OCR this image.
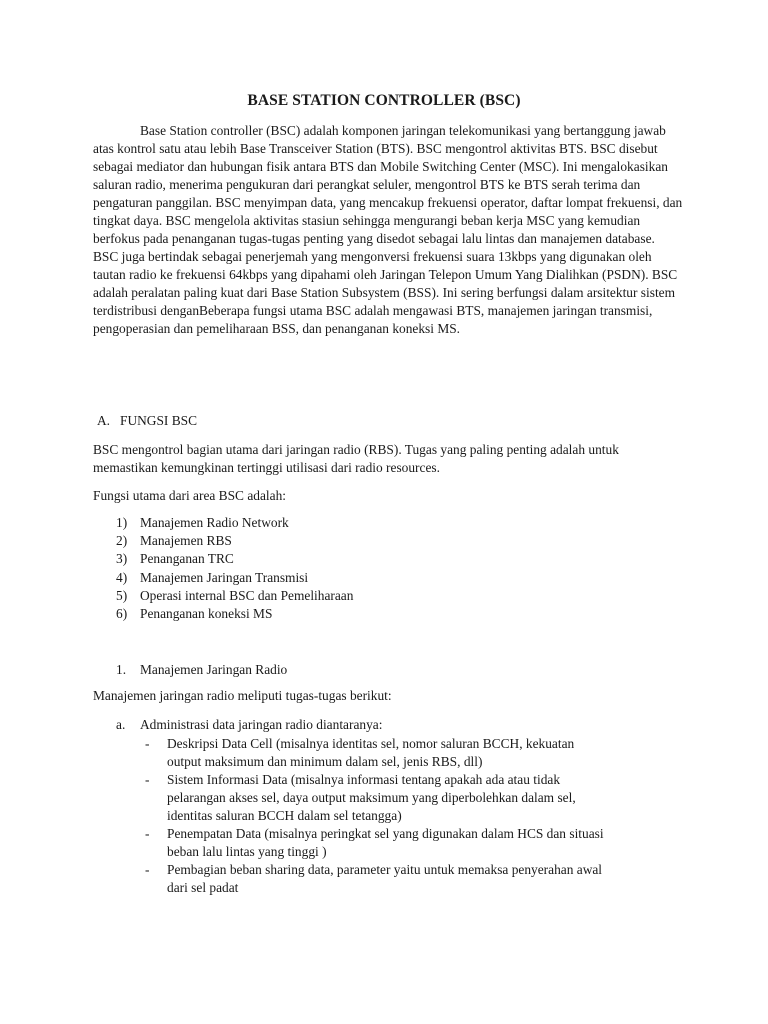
BASE STATION CONTROLLER (BSC)

Base Station controller (BSC) adalah komponen jaringan telekomunikasi yang bertanggung jawab atas kontrol satu atau lebih Base Transceiver Station (BTS). BSC mengontrol aktivitas BTS. BSC disebut sebagai mediator dan hubungan fisik antara BTS dan Mobile Switching Center (MSC). Ini mengalokasikan saluran radio, menerima pengukuran dari perangkat seluler, mengontrol BTS ke BTS serah terima dan pengaturan panggilan. BSC menyimpan data, yang mencakup frekuensi operator, daftar lompat frekuensi, dan tingkat daya. BSC mengelola aktivitas stasiun sehingga mengurangi beban kerja MSC yang kemudian berfokus pada penanganan tugas-tugas penting yang disedot sebagai lalu lintas dan manajemen database. BSC juga bertindak sebagai penerjemah yang mengonversi frekuensi suara 13kbps yang digunakan oleh tautan radio ke frekuensi 64kbps yang dipahami oleh Jaringan Telepon Umum Yang Dialihkan (PSDN). BSC adalah peralatan paling kuat dari Base Station Subsystem (BSS). Ini sering berfungsi dalam arsitektur sistem terdistribusi denganBeberapa fungsi utama BSC adalah mengawasi BTS, manajemen jaringan transmisi, pengoperasian dan pemeliharaan BSS, dan penanganan koneksi MS.

A. FUNGSI BSC

BSC mengontrol bagian utama dari jaringan radio (RBS). Tugas yang paling penting adalah untuk memastikan kemungkinan tertinggi utilisasi dari radio resources.

Fungsi utama dari area BSC adalah:

1) Manajemen Radio Network
2) Manajemen RBS
3) Penanganan TRC
4) Manajemen Jaringan Transmisi
5) Operasi internal BSC dan Pemeliharaan
6) Penanganan koneksi MS
1. Manajemen Jaringan Radio

Manajemen jaringan radio meliputi tugas-tugas berikut:

a. Administrasi data jaringan radio diantaranya:
- Deskripsi Data Cell (misalnya identitas sel, nomor saluran BCCH, kekuatan
output maksimum dan minimum dalam sel, jenis RBS, dll)
- Sistem Informasi Data (misalnya informasi tentang apakah ada atau tidak
pelarangan akses sel, daya output maksimum yang diperbolehkan dalam sel,
identitas saluran BCCH dalam sel tetangga)
- Penempatan Data (misalnya peringkat sel yang digunakan dalam HCS dan situasi
beban lalu lintas yang tinggi )
- Pembagian beban sharing data, parameter yaitu untuk memaksa penyerahan awal
dari sel padat
